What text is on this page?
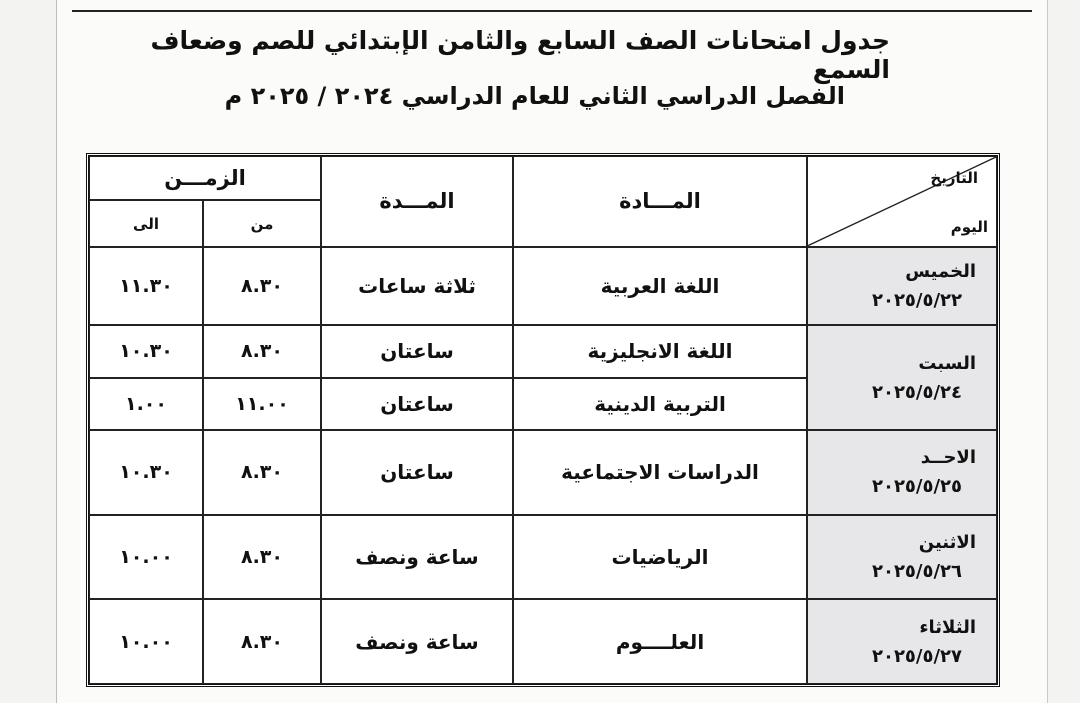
جدول امتحانات الصف السابع والثامن الإبتدائي للصم وضعاف السمع
الفصل الدراسي الثاني للعام الدراسي ٢٠٢٤ / ٢٠٢٥ م
الزمـــن		المـــدة	المـــادة	التاريخ
اليوم

الى	من			
١١.٣٠	٨.٣٠	ثلاثة ساعات	اللغة العربية	الخميس
٢٠٢٥/٥/٢٢

١٠.٣٠	٨.٣٠	ساعتان	اللغة الانجليزية	السبت
٢٠٢٥/٥/٢٤

١.٠٠	١١.٠٠	ساعتان	التربية الدينية	
١٠.٣٠	٨.٣٠	ساعتان	الدراسات الاجتماعية	الاحــد
٢٠٢٥/٥/٢٥

١٠.٠٠	٨.٣٠	ساعة ونصف	الرياضيات	الاثنين
٢٠٢٥/٥/٢٦

١٠.٠٠	٨.٣٠	ساعة ونصف	العلــــوم	الثلاثاء
٢٠٢٥/٥/٢٧
